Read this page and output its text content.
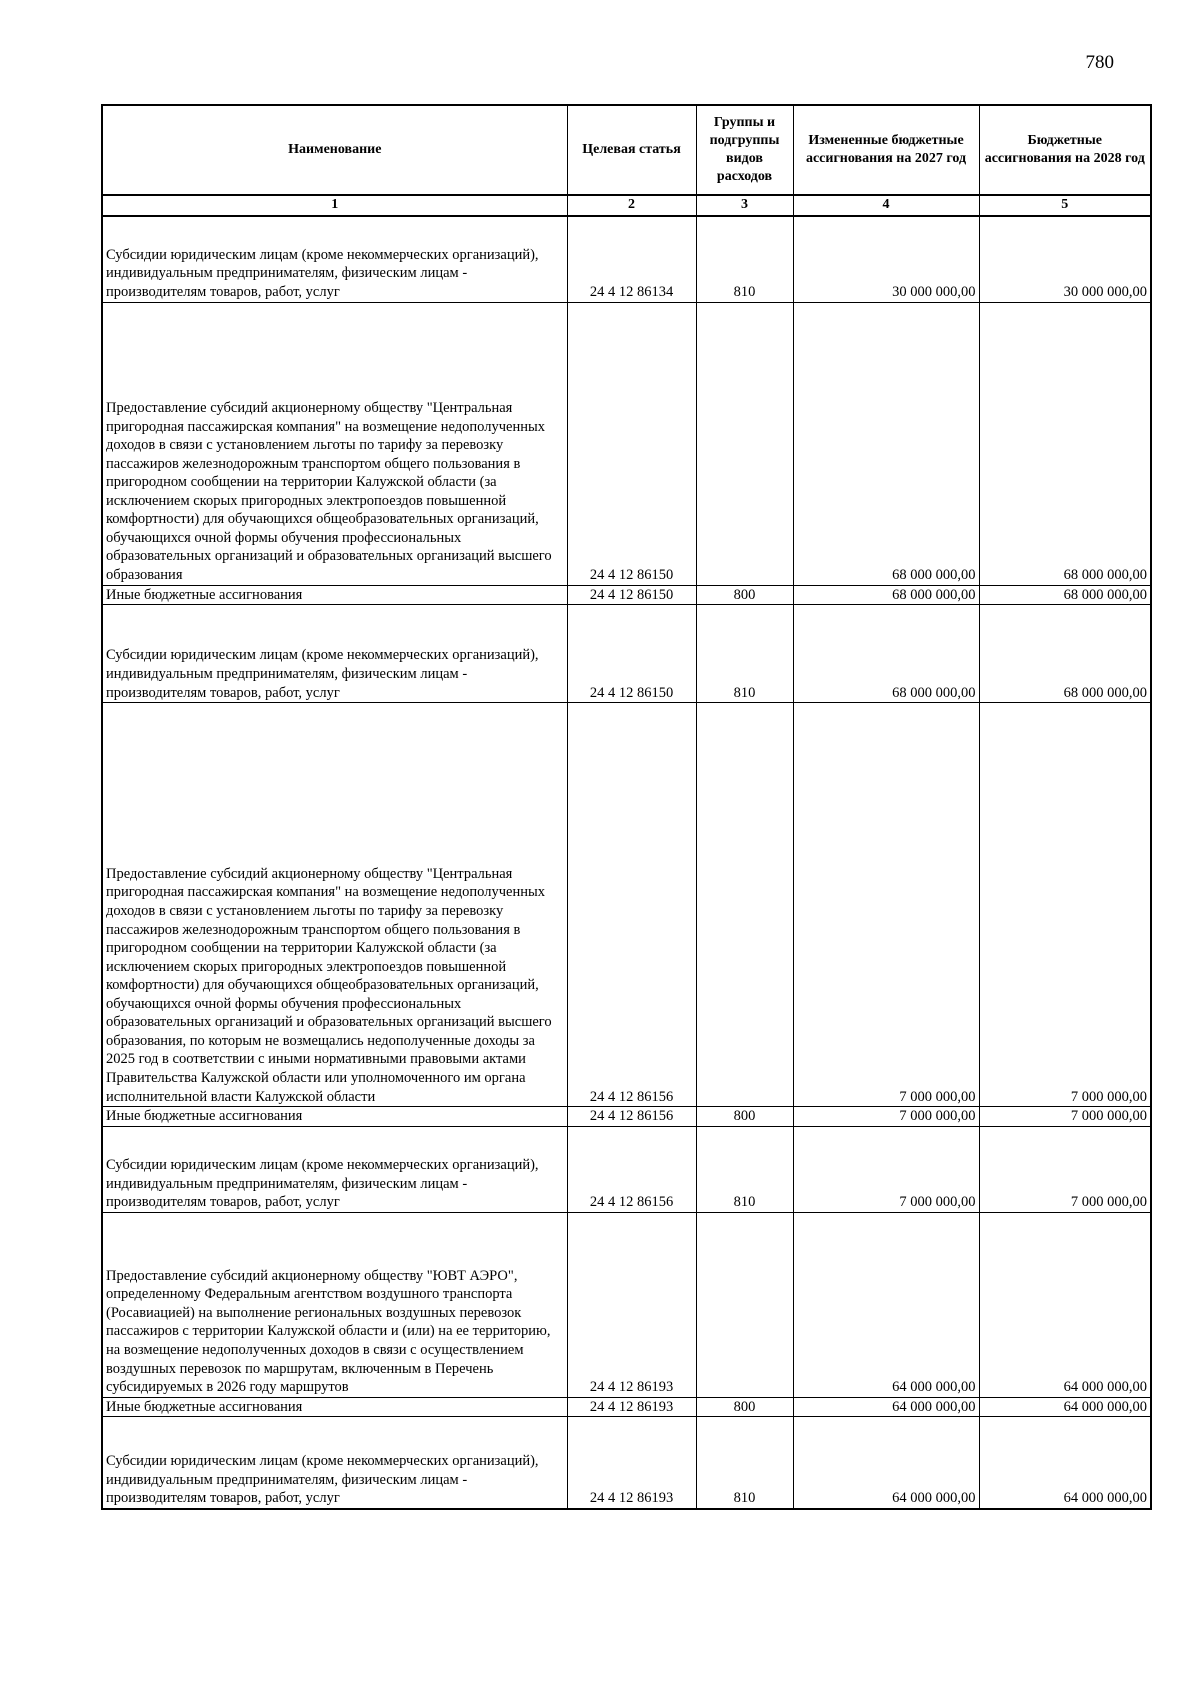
780
Наименование	Целевая статья	Группы и подгруппы видов расходов	Измененные бюджетные ассигнования на 2027 год	Бюджетные ассигнования на 2028 год
1	2	3	4	5
Субсидии юридическим лицам (кроме некоммерческих организаций), индивидуальным предпринимателям, физическим лицам - производителям товаров, работ, услуг	24 4 12 86134	810	30 000 000,00	30 000 000,00
Предоставление субсидий акционерному обществу "Центральная пригородная пассажирская компания" на возмещение недополученных доходов в связи с установлением льготы по тарифу за перевозку пассажиров железнодорожным транспортом общего пользования в пригородном сообщении на территории Калужской области (за исключением скорых пригородных электропоездов повышенной комфортности) для обучающихся общеобразовательных организаций, обучающихся очной формы обучения профессиональных образовательных организаций и образовательных организаций высшего образования	24 4 12 86150		68 000 000,00	68 000 000,00
Иные бюджетные ассигнования	24 4 12 86150	800	68 000 000,00	68 000 000,00
Субсидии юридическим лицам (кроме некоммерческих организаций), индивидуальным предпринимателям, физическим лицам - производителям товаров, работ, услуг	24 4 12 86150	810	68 000 000,00	68 000 000,00
Предоставление субсидий акционерному обществу "Центральная пригородная пассажирская компания" на возмещение недополученных доходов в связи с установлением льготы по тарифу за перевозку пассажиров железнодорожным транспортом общего пользования в пригородном сообщении на территории Калужской области (за исключением скорых пригородных электропоездов повышенной комфортности) для обучающихся общеобразовательных организаций, обучающихся очной формы обучения профессиональных образовательных организаций и образовательных организаций высшего образования, по которым не возмещались недополученные доходы за 2025 год в соответствии с иными нормативными правовыми актами Правительства Калужской области или уполномоченного им органа исполнительной власти Калужской области	24 4 12 86156		7 000 000,00	7 000 000,00
Иные бюджетные ассигнования	24 4 12 86156	800	7 000 000,00	7 000 000,00
Субсидии юридическим лицам (кроме некоммерческих организаций), индивидуальным предпринимателям, физическим лицам - производителям товаров, работ, услуг	24 4 12 86156	810	7 000 000,00	7 000 000,00
Предоставление субсидий акционерному обществу "ЮВТ АЭРО", определенному Федеральным агентством воздушного транспорта (Росавиацией) на выполнение региональных воздушных перевозок пассажиров с территории Калужской области и (или) на ее территорию, на возмещение недополученных доходов в связи с осуществлением воздушных перевозок по маршрутам, включенным в Перечень субсидируемых в 2026 году маршрутов	24 4 12 86193		64 000 000,00	64 000 000,00
Иные бюджетные ассигнования	24 4 12 86193	800	64 000 000,00	64 000 000,00
Субсидии юридическим лицам (кроме некоммерческих организаций), индивидуальным предпринимателям, физическим лицам - производителям товаров, работ, услуг	24 4 12 86193	810	64 000 000,00	64 000 000,00
